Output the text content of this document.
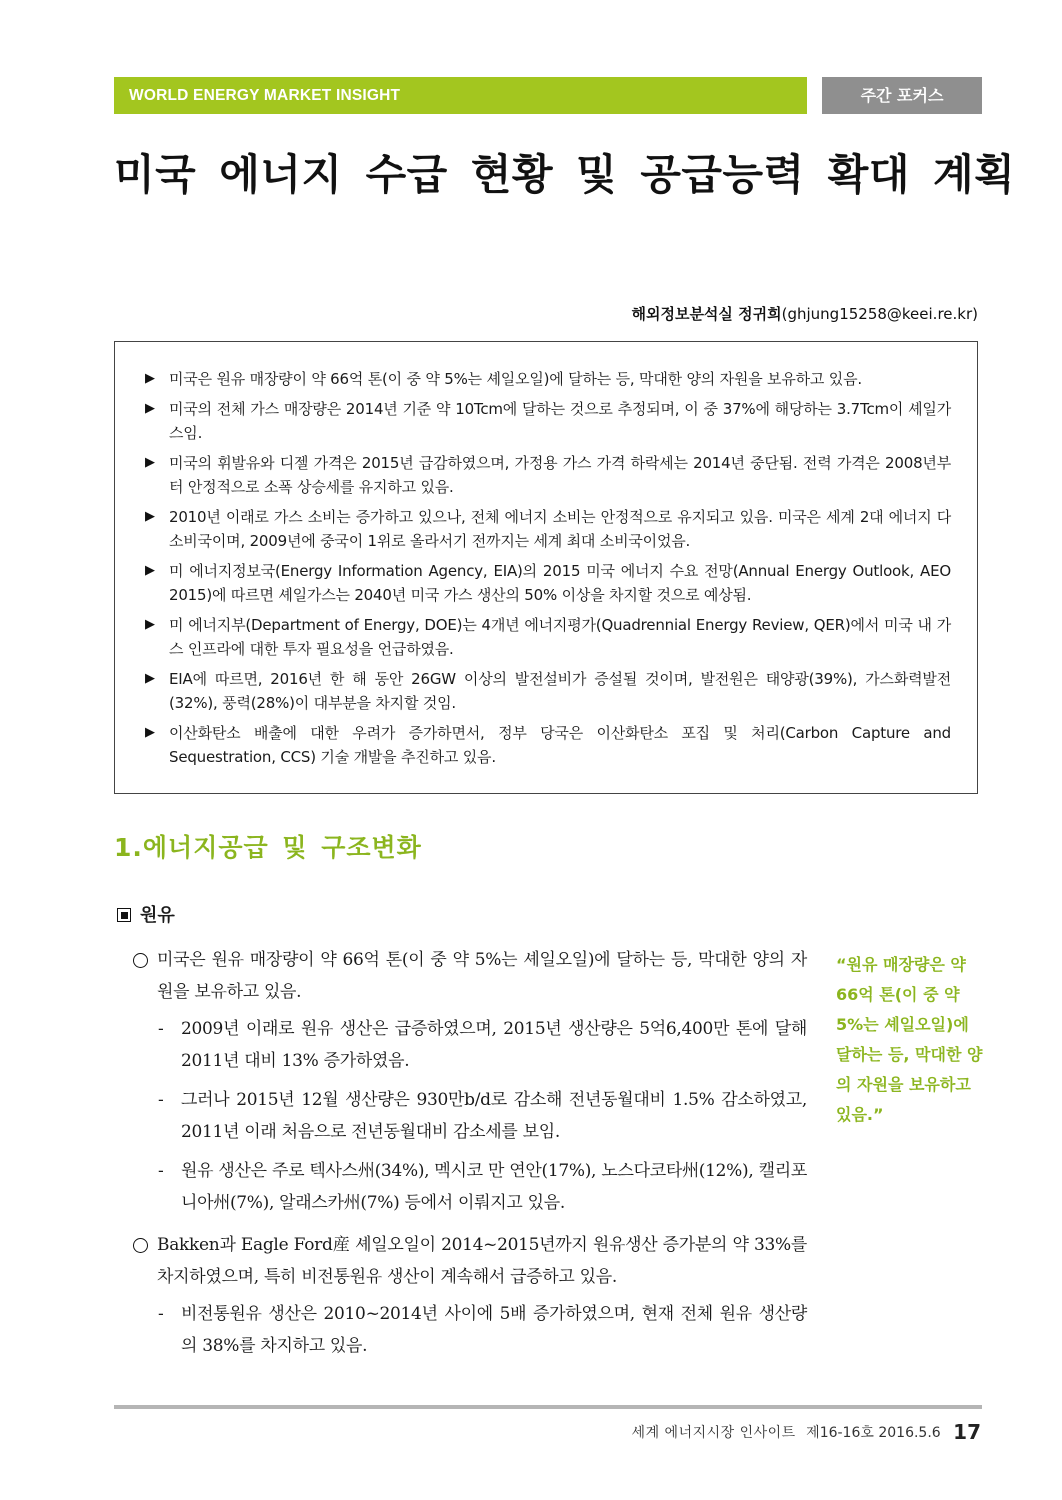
WORLD ENERGY MARKET INSIGHT	주간 포커스
미국 에너지 수급 현황 및 공급능력 확대 계획
해외정보분석실 정귀희(ghjung15258@keei.re.kr)
▶ 미국은 원유 매장량이 약 66억 톤(이 중 약 5%는 셰일오일)에 달하는 등, 막대한 양의 자원을 보유하고 있음.
▶ 미국의 전체 가스 매장량은 2014년 기준 약 10Tcm에 달하는 것으로 추정되며, 이 중 37%에 해당하는 3.7Tcm이 셰일가스임.
▶ 미국의 휘발유와 디젤 가격은 2015년 급감하였으며, 가정용 가스 가격 하락세는 2014년 중단됨. 전력 가격은 2008년부터 안정적으로 소폭 상승세를 유지하고 있음.
▶ 2010년 이래로 가스 소비는 증가하고 있으나, 전체 에너지 소비는 안정적으로 유지되고 있음. 미국은 세계 2대 에너지 다소비국이며, 2009년에 중국이 1위로 올라서기 전까지는 세계 최대 소비국이었음.
▶ 미 에너지정보국(Energy Information Agency, EIA)의 2015 미국 에너지 수요 전망(Annual Energy Outlook, AEO 2015)에 따르면 셰일가스는 2040년 미국 가스 생산의 50% 이상을 차지할 것으로 예상됨.
▶ 미 에너지부(Department of Energy, DOE)는 4개년 에너지평가(Quadrennial Energy Review, QER)에서 미국 내 가스 인프라에 대한 투자 필요성을 언급하였음.
▶ EIA에 따르면, 2016년 한 해 동안 26GW 이상의 발전설비가 증설될 것이며, 발전원은 태양광(39%), 가스화력발전(32%), 풍력(28%)이 대부분을 차지할 것임.
▶ 이산화탄소 배출에 대한 우려가 증가하면서, 정부 당국은 이산화탄소 포집 및 처리(Carbon Capture and Sequestration, CCS) 기술 개발을 추진하고 있음.
1.에너지공급 및 구조변화
원유
미국은 원유 매장량이 약 66억 톤(이 중 약 5%는 셰일오일)에 달하는 등, 막대한 양의 자원을 보유하고 있음.
- 2009년 이래로 원유 생산은 급증하였으며, 2015년 생산량은 5억6,400만 톤에 달해 2011년 대비 13% 증가하였음.
- 그러나 2015년 12월 생산량은 930만b/d로 감소해 전년동월대비 1.5% 감소하였고, 2011년 이래 처음으로 전년동월대비 감소세를 보임.
- 원유 생산은 주로 텍사스州(34%), 멕시코 만 연안(17%), 노스다코타州(12%), 캘리포니아州(7%), 알래스카州(7%) 등에서 이뤄지고 있음.
Bakken과 Eagle Ford産 셰일오일이 2014~2015년까지 원유생산 증가분의 약 33%를 차지하였으며, 특히 비전통원유 생산이 계속해서 급증하고 있음.
- 비전통원유 생산은 2010~2014년 사이에 5배 증가하였으며, 현재 전체 원유 생산량의 38%를 차지하고 있음.
“원유 매장량은 약 66억 톤(이 중 약 5%는 셰일오일)에 달하는 등, 막대한 양의 자원을 보유하고 있음.”
세계 에너지시장 인사이트 제16-16호 2016.5.6 17
